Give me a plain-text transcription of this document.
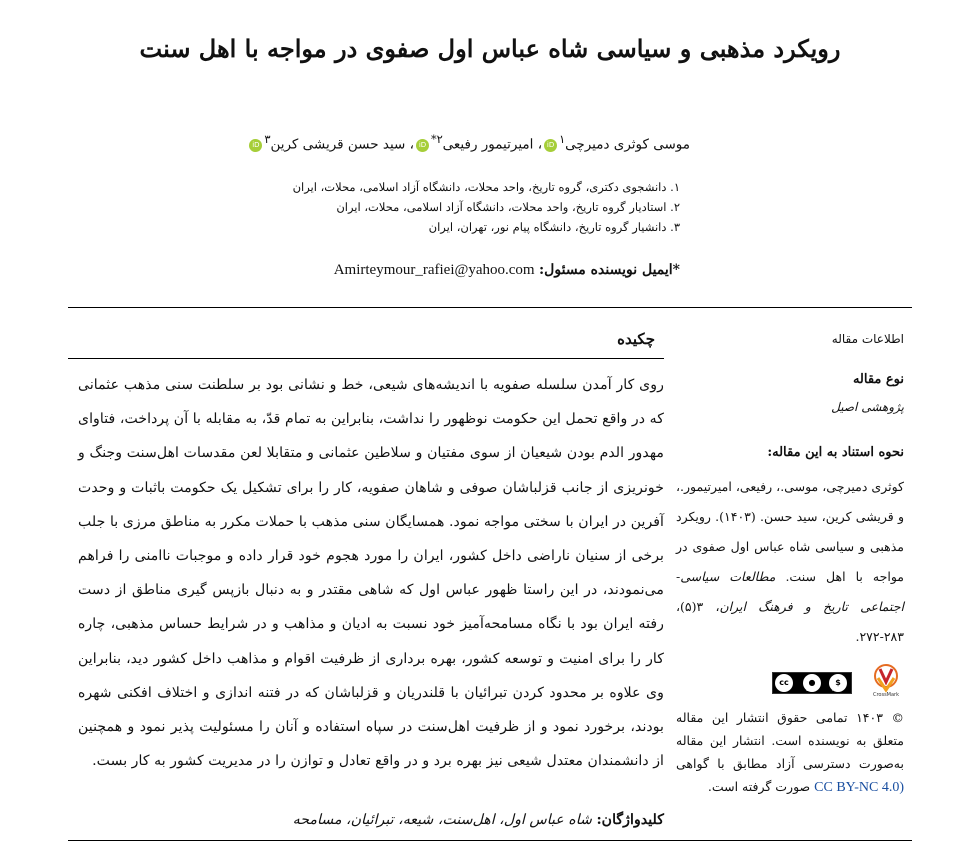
رویکرد مذهبی و سیاسی شاه عباس اول صفوی در مواجه با اهل سنت
موسی کوثری دمیرچی$^۱$iD، امیرتیمور رفیعی$^{۲*}$iD، سید حسن قریشی کرین$^۳$iD
۱. دانشجوی دکتری، گروه تاریخ، واحد محلات، دانشگاه آزاد اسلامی، محلات، ایران
۲. استادیار گروه تاریخ، واحد محلات، دانشگاه آزاد اسلامی، محلات، ایران
۳. دانشیار گروه تاریخ، دانشگاه پیام نور، تهران، ایران
*ایمیل نویسنده مسئول: Amirteymour_rafiei@yahoo.com
اطلاعات مقاله
چکیده
روی کار آمدن سلسله صفویه با اندیشه‌های شیعی، خط و نشانی بود بر سلطنت سنی مذهب عثمانی که در واقع تحمل این حکومت نوظهور را نداشت، بنابراین به تمام قدّ، به مقابله با آن پرداخت، فتاوای مهدور الدم بودن شیعیان از سوی مفتیان و سلاطین عثمانی و متقابلا لعن مقدسات اهل‌سنت وجنگ و خونریزی از جانب قزلباشان صوفی و شاهان صفویه، کار را برای تشکیل یک حکومت باثبات و وحدت آفرین در ایران با سختی مواجه نمود. همسایگان سنی مذهب با حملات مکرر به مناطق مرزی با جلب برخی از سنیان ناراضی داخل کشور، ایران را مورد هجوم خود قرار داده و موجبات ناامنی را فراهم می‌نمودند، در این راستا ظهور عباس اول که شاهی مقتدر و به دنبال بازپس گیری مناطق از دست رفته ایران بود با نگاه مسامحه‌آمیز خود نسبت به ادیان و مذاهب و در شرایط حساس مذهبی، چاره کار را برای امنیت و توسعه کشور، بهره برداری از ظرفیت اقوام و مذاهب داخل کشور دید، بنابراین وی علاوه بر محدود کردن تبرائیان با قلندریان و قزلباشان که در فتنه اندازی و اختلاف افکنی شهره بودند، برخورد نمود و از ظرفیت اهل‌سنت در سپاه استفاده و آنان را مسئولیت پذیر نمود و همچنین از دانشمندان معتدل شیعی نیز بهره برد و در واقع تعادل و توازن را در مدیریت کشور به کار بست.
کلیدواژگان: شاه عباس اول، اهل‌سنت، شیعه، تبرائیان، مسامحه
نوع مقاله
پژوهشی اصیل
نحوه استناد به این مقاله:
کوثری دمیرچی، موسی.، رفیعی، امیرتیمور.، و قریشی کرین، سید حسن. (۱۴۰۳). رویکرد مذهبی و سیاسی شاه عباس اول صفوی در مواجه با اهل سنت. مطالعات سیاسی- اجتماعی تاریخ و فرهنگ ایران، ۳(۵)، ۲۸۳-۲۷۲.
cc	●	$
BY	NC
CrossMark
© ۱۴۰۳ تمامی حقوق انتشار این مقاله متعلق به نویسنده است. انتشار این مقاله به‌صورت دسترسی آزاد مطابق با گواهی (CC BY-NC 4.0 صورت گرفته است.
